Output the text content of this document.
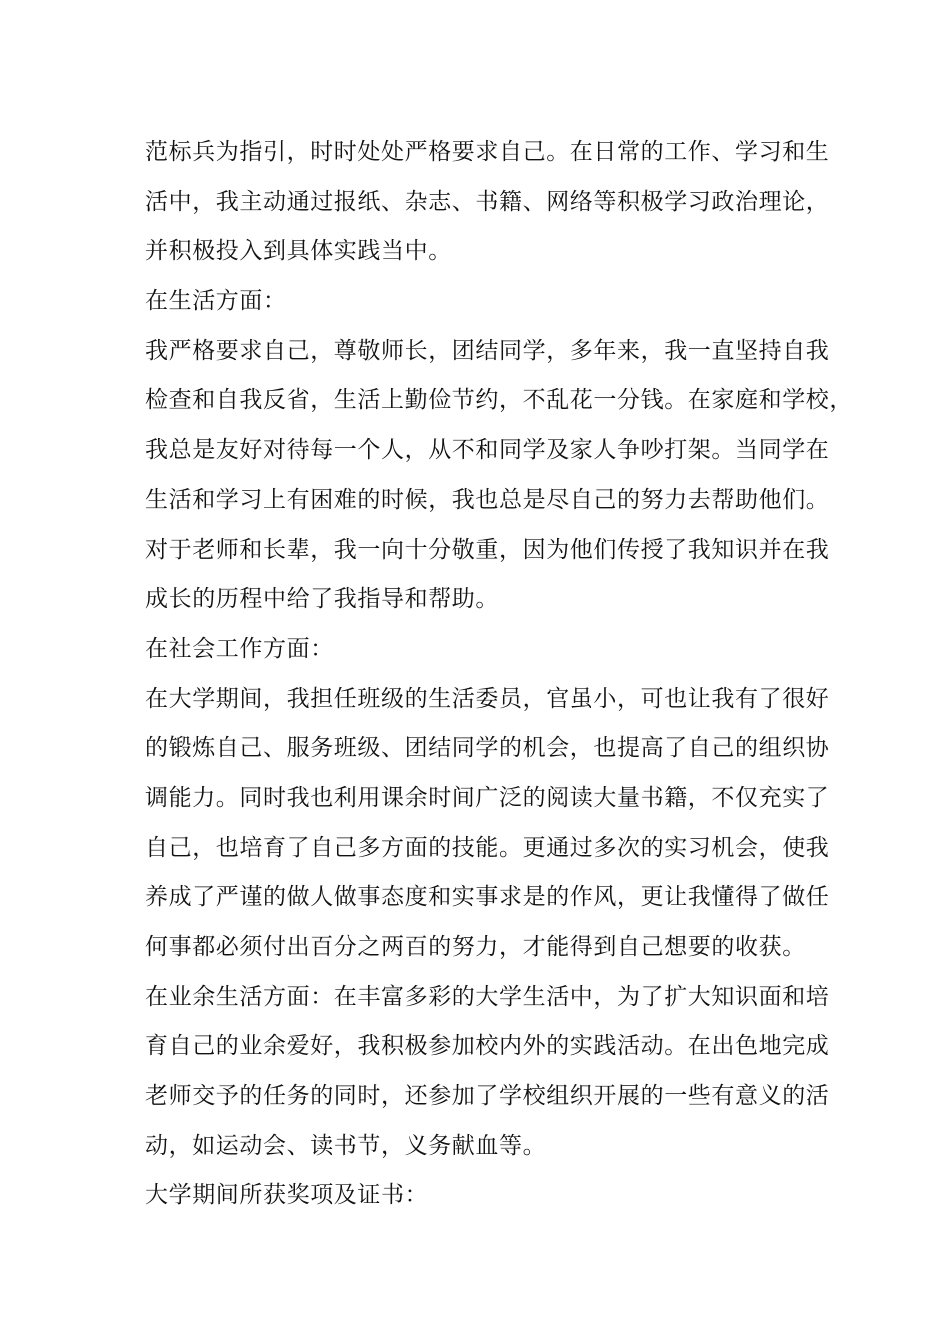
范标兵为指引，时时处处严格要求自己。在日常的工作、学习和生
活中，我主动通过报纸、杂志、书籍、网络等积极学习政治理论，
并积极投入到具体实践当中。
在生活方面：
我严格要求自己，尊敬师长，团结同学，多年来，我一直坚持自我
检查和自我反省，生活上勤俭节约，不乱花一分钱。在家庭和学校，
我总是友好对待每一个人，从不和同学及家人争吵打架。当同学在
生活和学习上有困难的时候，我也总是尽自己的努力去帮助他们。
对于老师和长辈，我一向十分敬重，因为他们传授了我知识并在我
成长的历程中给了我指导和帮助。
在社会工作方面：
在大学期间，我担任班级的生活委员，官虽小，可也让我有了很好
的锻炼自己、服务班级、团结同学的机会，也提高了自己的组织协
调能力。同时我也利用课余时间广泛的阅读大量书籍，不仅充实了
自己，也培育了自己多方面的技能。更通过多次的实习机会，使我
养成了严谨的做人做事态度和实事求是的作风，更让我懂得了做任
何事都必须付出百分之两百的努力，才能得到自己想要的收获。
在业余生活方面：在丰富多彩的大学生活中，为了扩大知识面和培
育自己的业余爱好，我积极参加校内外的实践活动。在出色地完成
老师交予的任务的同时，还参加了学校组织开展的一些有意义的活
动，如运动会、读书节，义务献血等。
大学期间所获奖项及证书：
